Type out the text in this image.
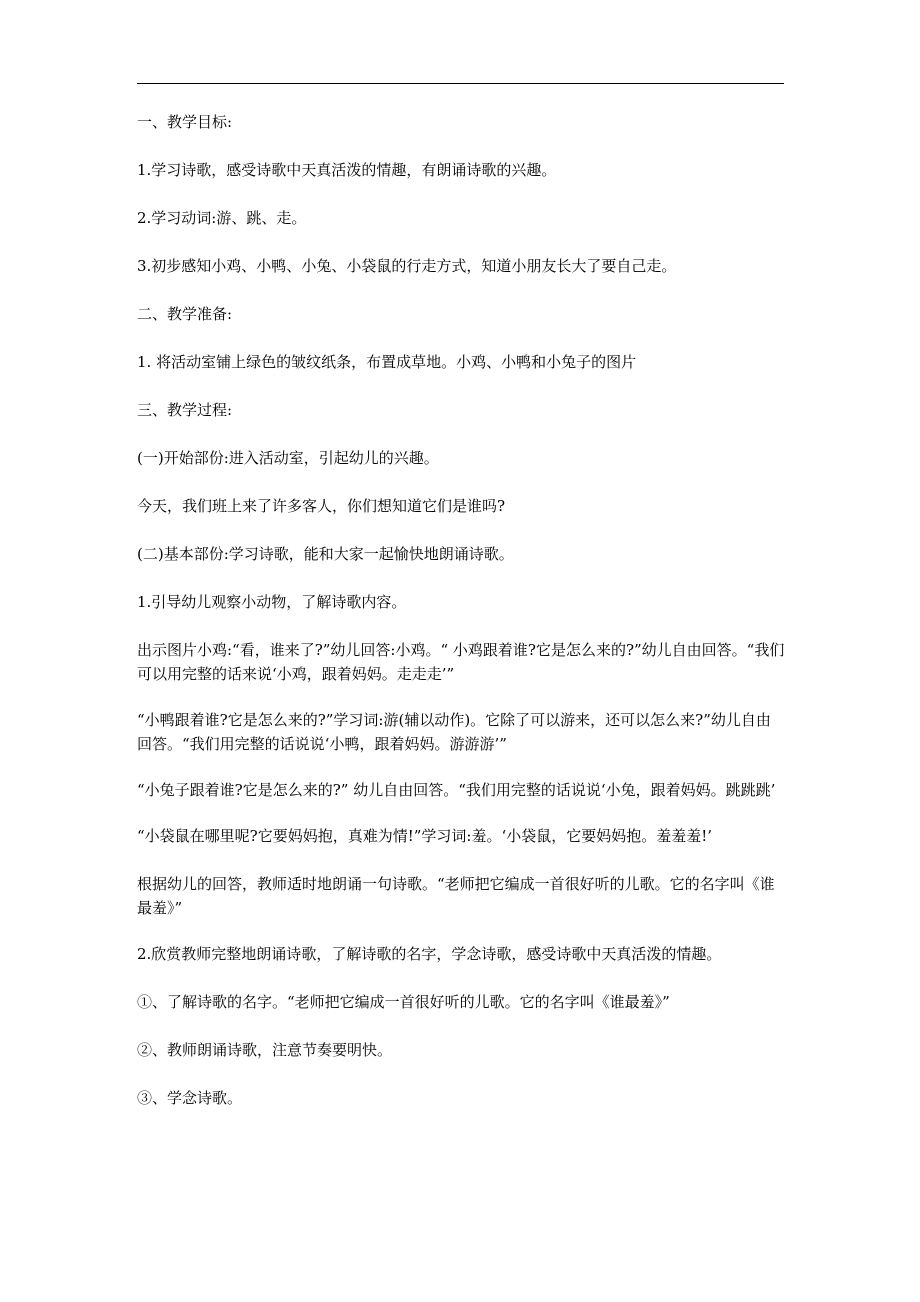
一、教学目标:

1.学习诗歌，感受诗歌中天真活泼的情趣，有朗诵诗歌的兴趣。

2.学习动词:游、跳、走。

3.初步感知小鸡、小鸭、小兔、小袋鼠的行走方式，知道小朋友长大了要自己走。

二、教学准备:

1. 将活动室铺上绿色的皱纹纸条，布置成草地。小鸡、小鸭和小兔子的图片

三、教学过程:

(一)开始部份:进入活动室，引起幼儿的兴趣。

今天，我们班上来了许多客人，你们想知道它们是谁吗?

(二)基本部份:学习诗歌，能和大家一起愉快地朗诵诗歌。

1.引导幼儿观察小动物，了解诗歌内容。

出示图片小鸡:“看，谁来了?”幼儿回答:小鸡。“ 小鸡跟着谁?它是怎么来的?”幼儿自由回答。“我们可以用完整的话来说‘小鸡，跟着妈妈。走走走’”

“小鸭跟着谁?它是怎么来的?”学习词:游(辅以动作)。它除了可以游来，还可以怎么来?”幼儿自由回答。“我们用完整的话说说‘小鸭，跟着妈妈。游游游’”

“小兔子跟着谁?它是怎么来的?” 幼儿自由回答。“我们用完整的话说说‘小兔，跟着妈妈。跳跳跳’

“小袋鼠在哪里呢?它要妈妈抱，真难为情!”学习词:羞。‘小袋鼠，它要妈妈抱。羞羞羞!’

根据幼儿的回答，教师适时地朗诵一句诗歌。“老师把它编成一首很好听的儿歌。它的名字叫《谁最羞》”

2.欣赏教师完整地朗诵诗歌，了解诗歌的名字，学念诗歌，感受诗歌中天真活泼的情趣。

①、了解诗歌的名字。“老师把它编成一首很好听的儿歌。它的名字叫《谁最羞》”

②、教师朗诵诗歌，注意节奏要明快。

③、学念诗歌。
